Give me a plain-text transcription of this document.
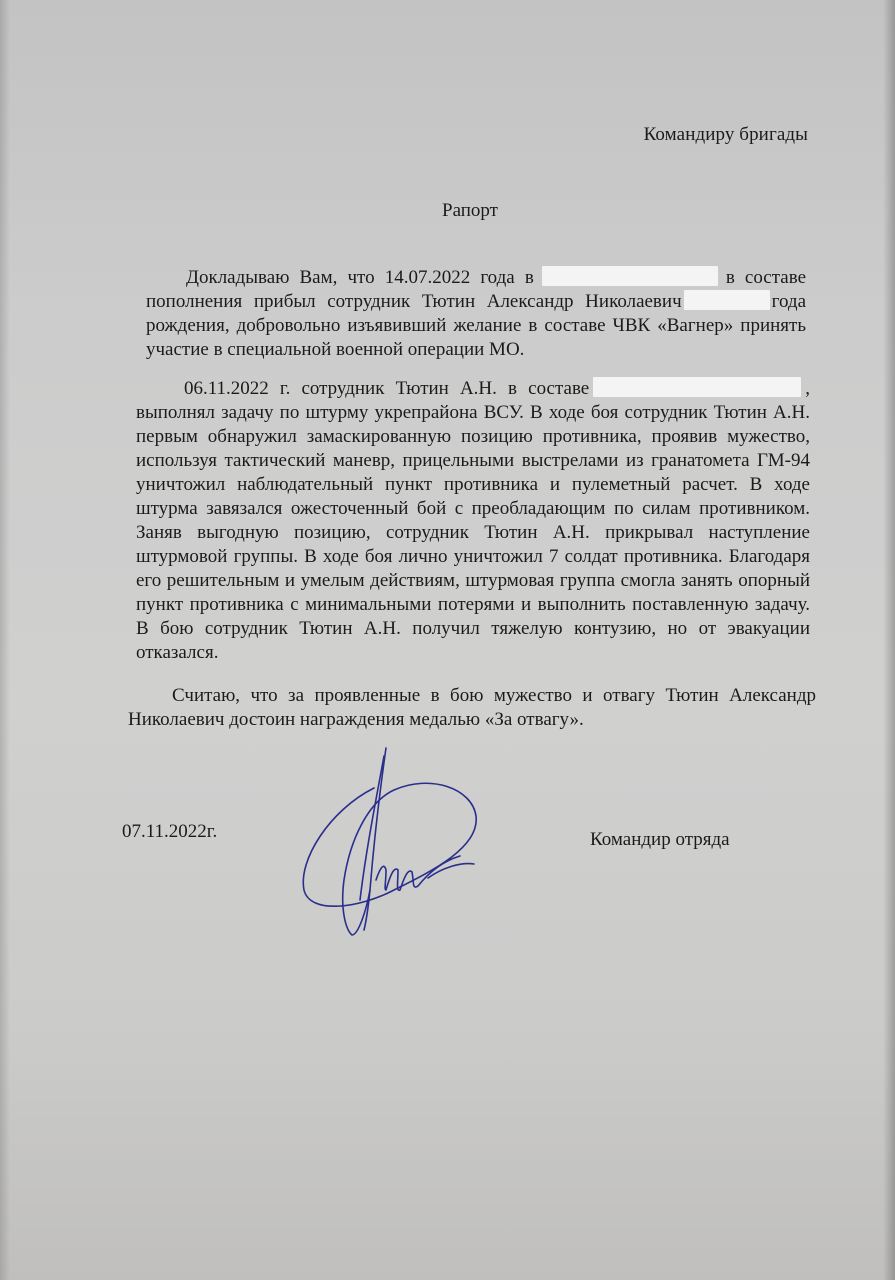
Командиру бригады
Рапорт

Докладываю Вам, что 14.07.2022 года в	в составе пополнения прибыл сотрудник Тютин Александр Николаевич	года рождения, добровольно изъявивший желание в составе ЧВК «Вагнер» принять участие в специальной военной операции МО.

06.11.2022 г. сотрудник Тютин А.Н. в составе	, выполнял задачу по штурму укрепрайона ВСУ. В ходе боя сотрудник Тютин А.Н. первым обнаружил замаскированную позицию противника, проявив мужество, используя тактический маневр, прицельными выстрелами из гранатомета ГМ-94 уничтожил наблюдательный пункт противника и пулеметный расчет. В ходе штурма завязался ожесточенный бой с преобладающим по силам противником. Заняв выгодную позицию, сотрудник Тютин А.Н. прикрывал наступление штурмовой группы. В ходе боя лично уничтожил 7 солдат противника. Благодаря его решительным и умелым действиям, штурмовая группа смогла занять опорный пункт противника с минимальными потерями и выполнить поставленную задачу. В бою сотрудник Тютин А.Н. получил тяжелую контузию, но от эвакуации отказался.

Считаю, что за проявленные в бою мужество и отвагу Тютин Александр Николаевич достоин награждения медалью «За отвагу».

07.11.2022г.	Командир отряда
